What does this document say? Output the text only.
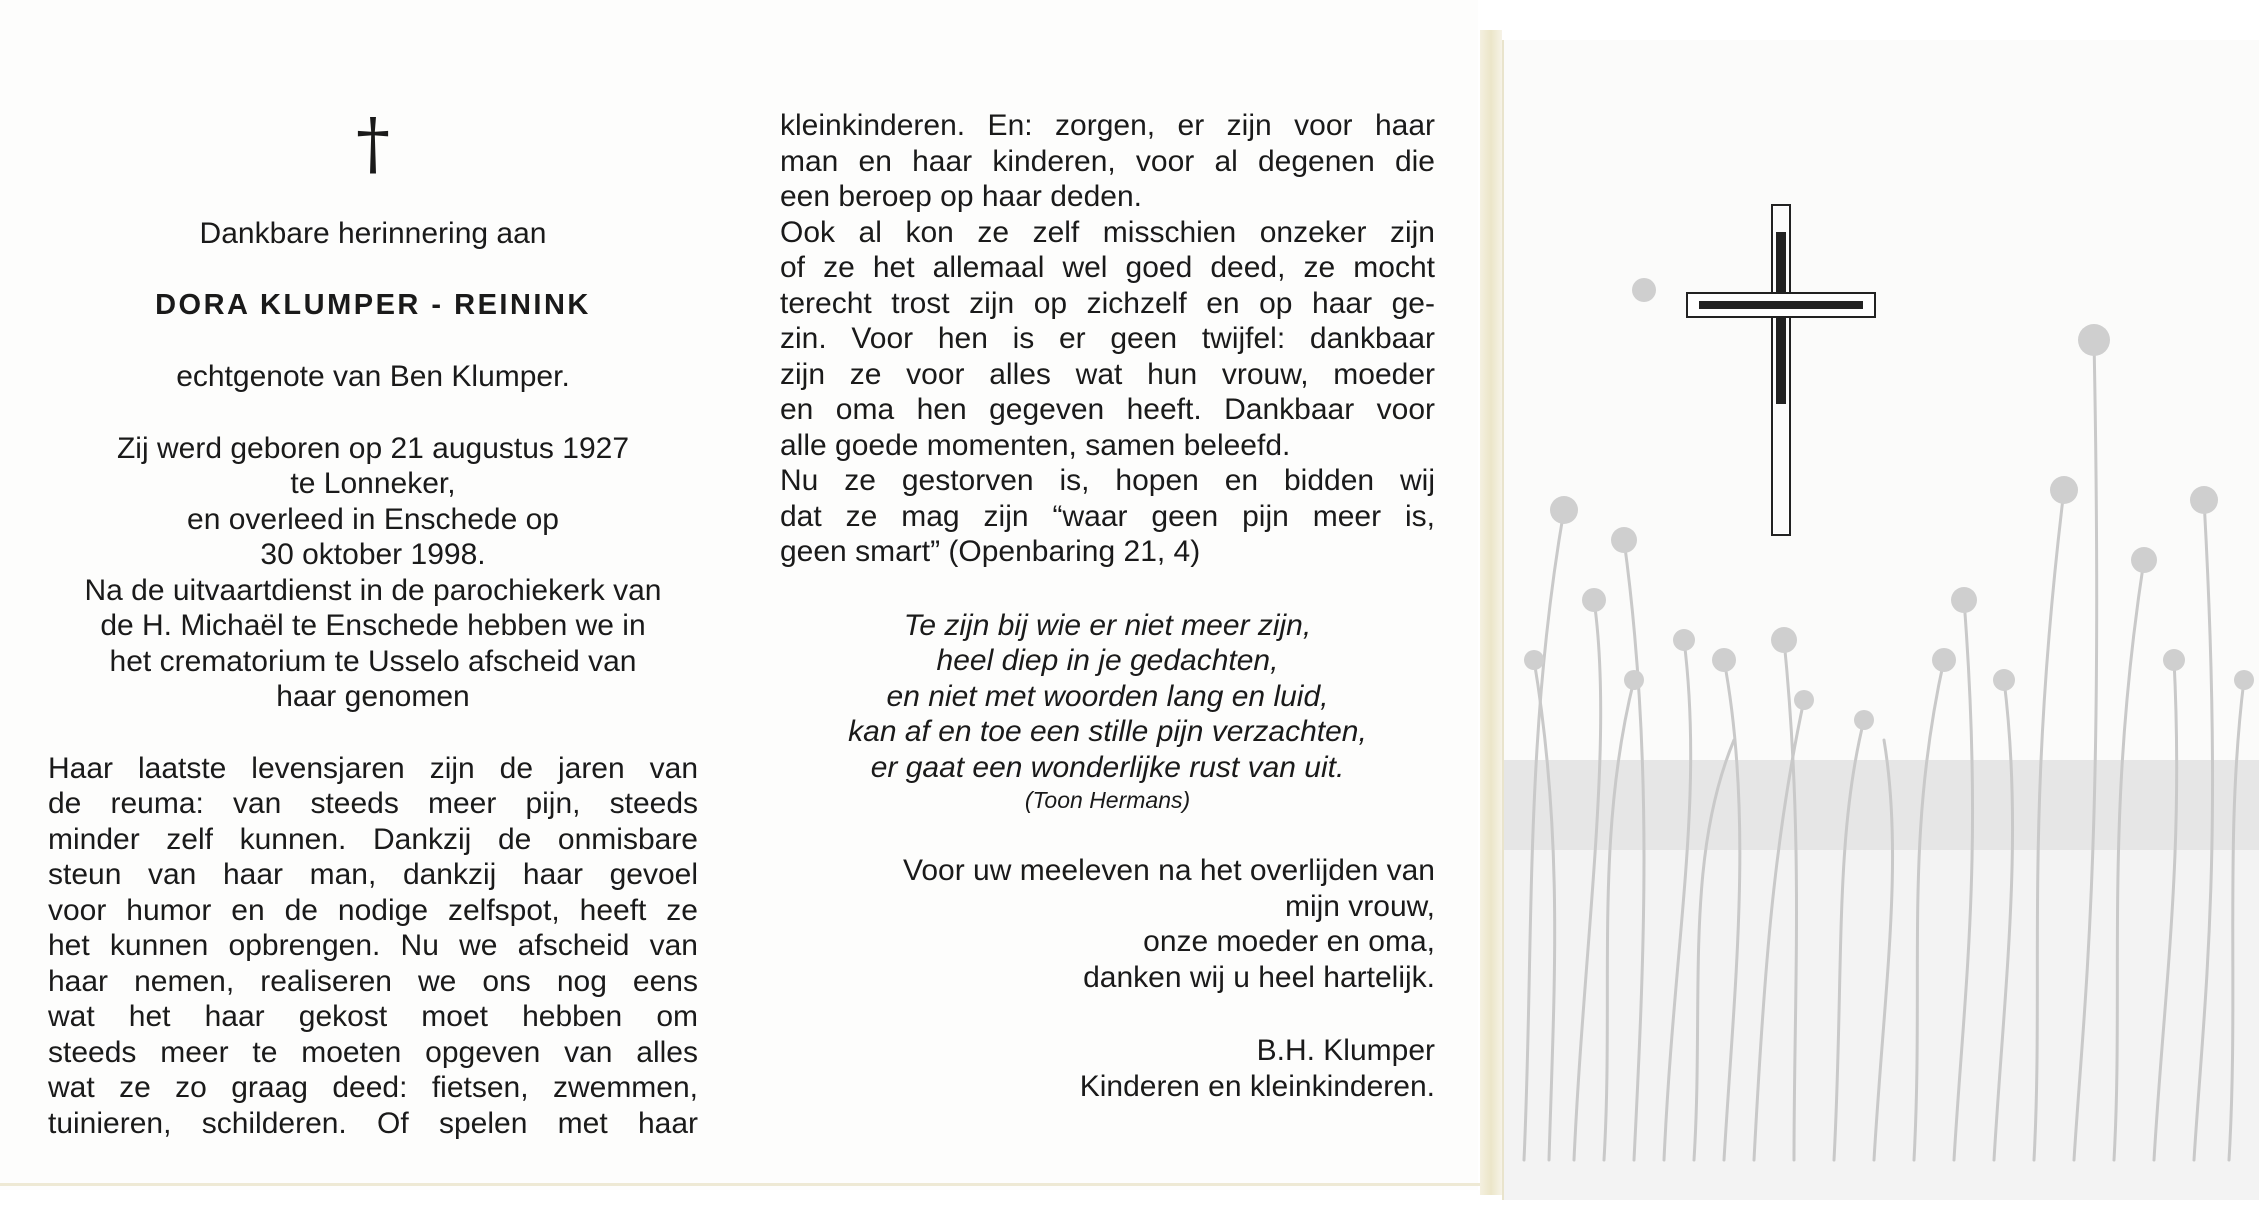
†

Dankbare herinnering aan

DORA KLUMPER - REININK

echtgenote van Ben Klumper.

Zij werd geboren op 21 augustus 1927

te Lonneker,

en overleed in Enschede op

30 oktober 1998.

Na de uitvaartdienst in de parochiekerk van

de H. Michaël te Enschede hebben we in

het crematorium te Usselo afscheid van

haar genomen

Haar laatste levensjaren zijn de jaren van

de reuma: van steeds meer pijn, steeds

minder zelf kunnen. Dankzij de onmisbare

steun van haar man, dankzij haar gevoel

voor humor en de nodige zelfspot, heeft ze

het kunnen opbrengen. Nu we afscheid van

haar nemen, realiseren we ons nog eens

wat het haar gekost moet hebben om

steeds meer te moeten opgeven van alles

wat ze zo graag deed: fietsen, zwemmen,

tuinieren, schilderen. Of spelen met haar

kleinkinderen. En: zorgen, er zijn voor haar

man en haar kinderen, voor al degenen die

een beroep op haar deden.

Ook al kon ze zelf misschien onzeker zijn

of ze het allemaal wel goed deed, ze mocht

terecht trost zijn op zichzelf en op haar ge-

zin. Voor hen is er geen twijfel: dankbaar

zijn ze voor alles wat hun vrouw, moeder

en oma hen gegeven heeft. Dankbaar voor

alle goede momenten, samen beleefd.

Nu ze gestorven is, hopen en bidden wij

dat ze mag zijn “waar geen pijn meer is,

geen smart” (Openbaring 21, 4)

Te zijn bij wie er niet meer zijn,

heel diep in je gedachten,

en niet met woorden lang en luid,

kan af en toe een stille pijn verzachten,

er gaat een wonderlijke rust van uit.

(Toon Hermans)

Voor uw meeleven na het overlijden van

mijn vrouw,

onze moeder en oma,

danken wij u heel hartelijk.

B.H. Klumper

Kinderen en kleinkinderen.
